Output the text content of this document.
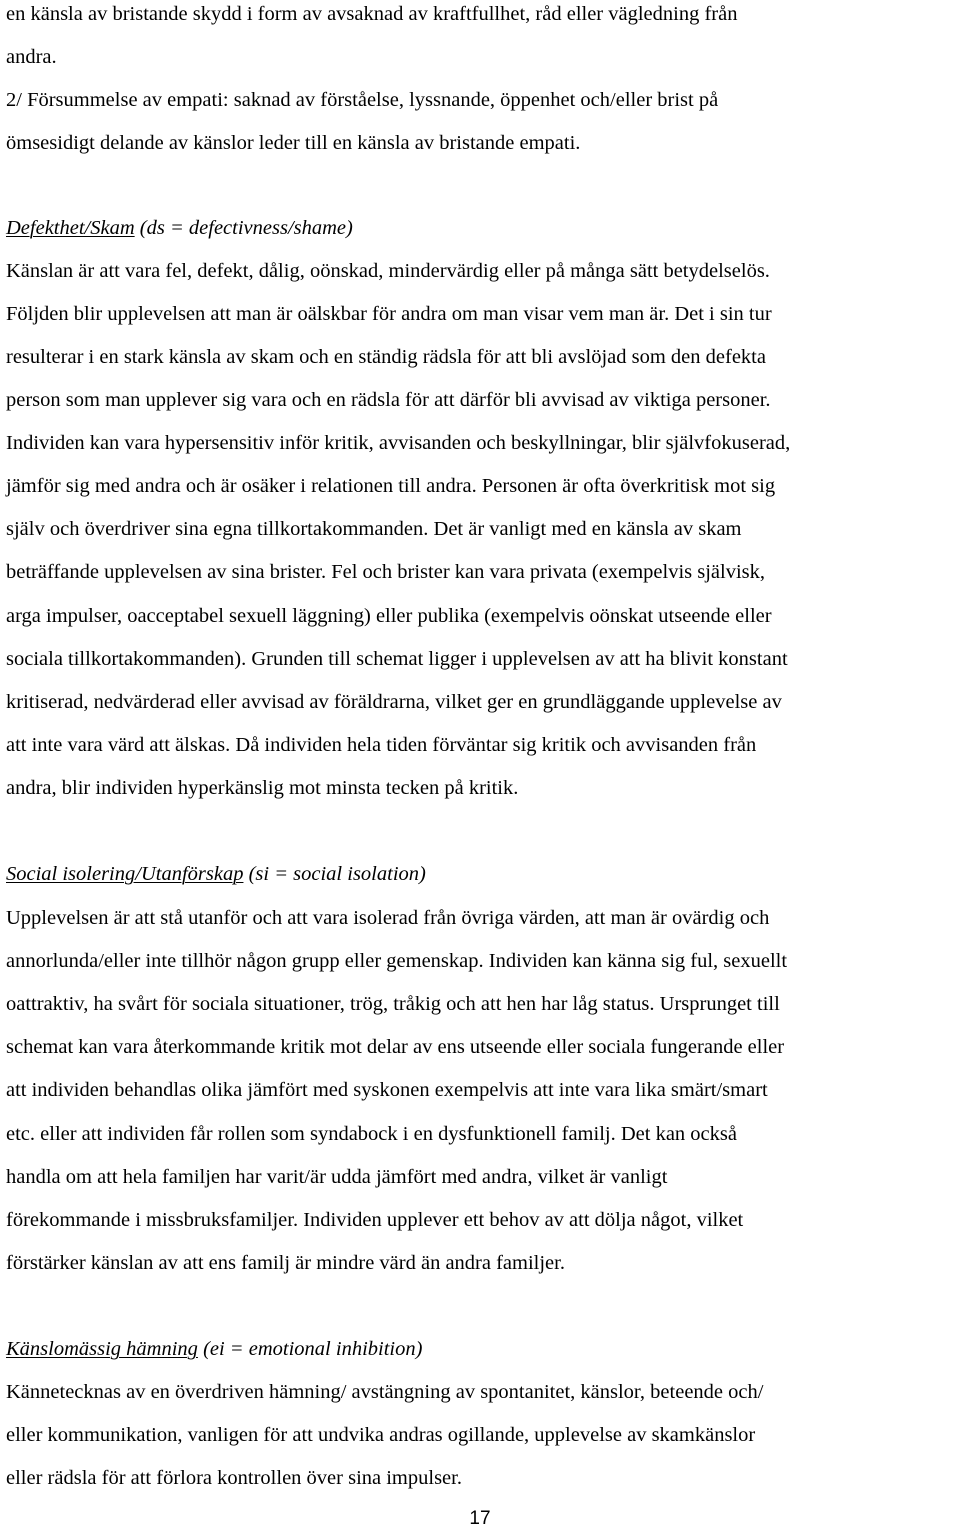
en känsla av bristande skydd i form av avsaknad av kraftfullhet, råd eller vägledning från
andra.
2/ Försummelse av empati: saknad av förståelse, lyssnande, öppenhet och/eller brist på
ömsesidigt delande av känslor leder till en känsla av bristande empati.
Defekthet/Skam (ds = defectivness/shame)
Känslan är att vara fel, defekt, dålig, oönskad, mindervärdig eller på många sätt betydelselös.
Följden blir upplevelsen att man är oälskbar för andra om man visar vem man är. Det i sin tur
resulterar i en stark känsla av skam och en ständig rädsla för att bli avslöjad som den defekta
person som man upplever sig vara och en rädsla för att därför bli avvisad av viktiga personer.
Individen kan vara hypersensitiv inför kritik, avvisanden och beskyllningar, blir självfokuserad,
jämför sig med andra och är osäker i relationen till andra. Personen är ofta överkritisk mot sig
själv och överdriver sina egna tillkortakommanden. Det är vanligt med en känsla av skam
beträffande upplevelsen av sina brister. Fel och brister kan vara privata (exempelvis självisk,
arga impulser, oacceptabel sexuell läggning) eller publika (exempelvis oönskat utseende eller
sociala tillkortakommanden). Grunden till schemat ligger i upplevelsen av att ha blivit konstant
kritiserad, nedvärderad eller avvisad av föräldrarna, vilket ger en grundläggande upplevelse av
att inte vara värd att älskas. Då individen hela tiden förväntar sig kritik och avvisanden från
andra, blir individen hyperkänslig mot minsta tecken på kritik.
Social isolering/Utanförskap (si = social isolation)
Upplevelsen är att stå utanför och att vara isolerad från övriga värden, att man är ovärdig och
annorlunda/eller inte tillhör någon grupp eller gemenskap. Individen kan känna sig ful, sexuellt
oattraktiv, ha svårt för sociala situationer, trög, tråkig och att hen har låg status. Ursprunget till
schemat kan vara återkommande kritik mot delar av ens utseende eller sociala fungerande eller
att individen behandlas olika jämfört med syskonen exempelvis att inte vara lika smärt/smart
etc. eller att individen får rollen som syndabock i en dysfunktionell familj. Det kan också
handla om att hela familjen har varit/är udda jämfört med andra, vilket är vanligt
förekommande i missbruksfamiljer. Individen upplever ett behov av att dölja något, vilket
förstärker känslan av att ens familj är mindre värd än andra familjer.
Känslomässig hämning (ei = emotional inhibition)
Kännetecknas av en överdriven hämning/ avstängning av spontanitet, känslor, beteende och/
eller kommunikation, vanligen för att undvika andras ogillande, upplevelse av skamkänslor
eller rädsla för att förlora kontrollen över sina impulser.
17
